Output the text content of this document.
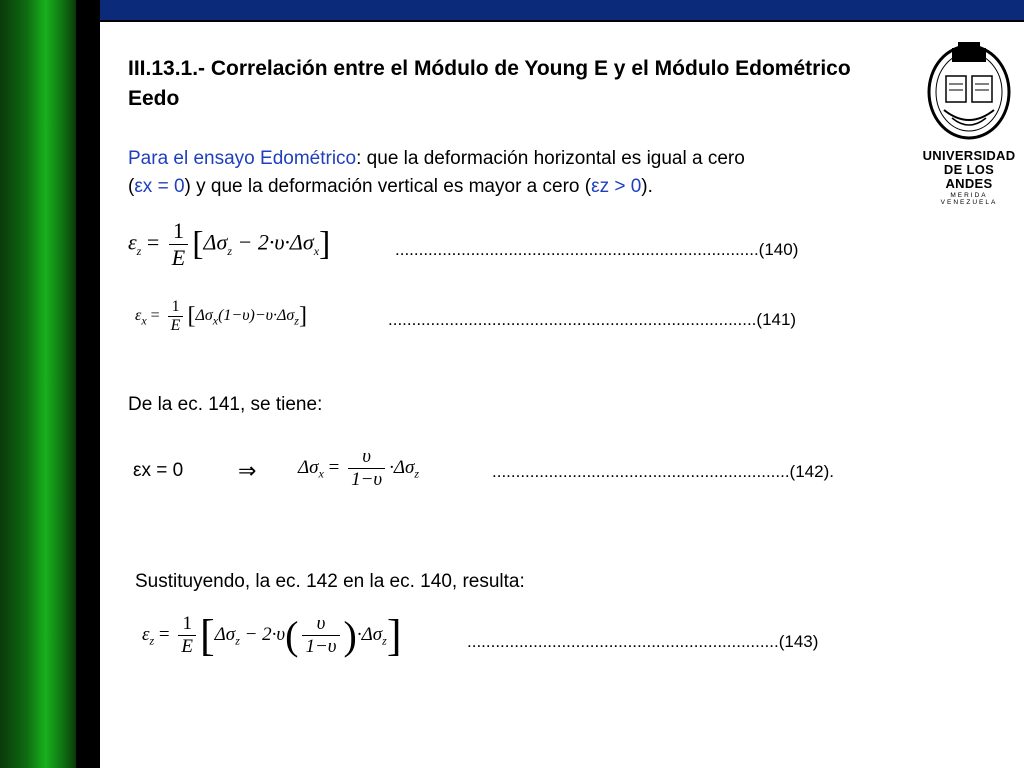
III.13.1.- Correlación entre el Módulo de Young E y el Módulo Edométrico Eedo
Para el ensayo Edométrico: que la deformación horizontal es igual a cero
(εx = 0) y que la deformación vertical es mayor a cero (εz > 0).
$\varepsilon_z = \frac{1}{E} [\Delta\sigma_z - 2\cdot\upsilon\cdot\Delta\sigma_x]$	.............................................................................(140)
$\varepsilon_x = \frac{1}{E} [\Delta\sigma_x(1-\upsilon)-\upsilon\cdot\Delta\sigma_z]$	..............................................................................(141)
De la ec. 141, se tiene:
εx = 0 ⇒ $\Delta\sigma_x = \frac{\upsilon}{1-\upsilon} \cdot\Delta\sigma_z$	...............................................................(142).
Sustituyendo, la ec. 142 en la ec. 140, resulta:
$\varepsilon_z = \frac{1}{E} [\Delta\sigma_z - 2\cdot\upsilon( \frac{\upsilon}{1-\upsilon} )\cdot\Delta\sigma_z]$	..................................................................(143)
UNIVERSIDAD
DE LOS ANDES
MERIDA VENEZUELA
